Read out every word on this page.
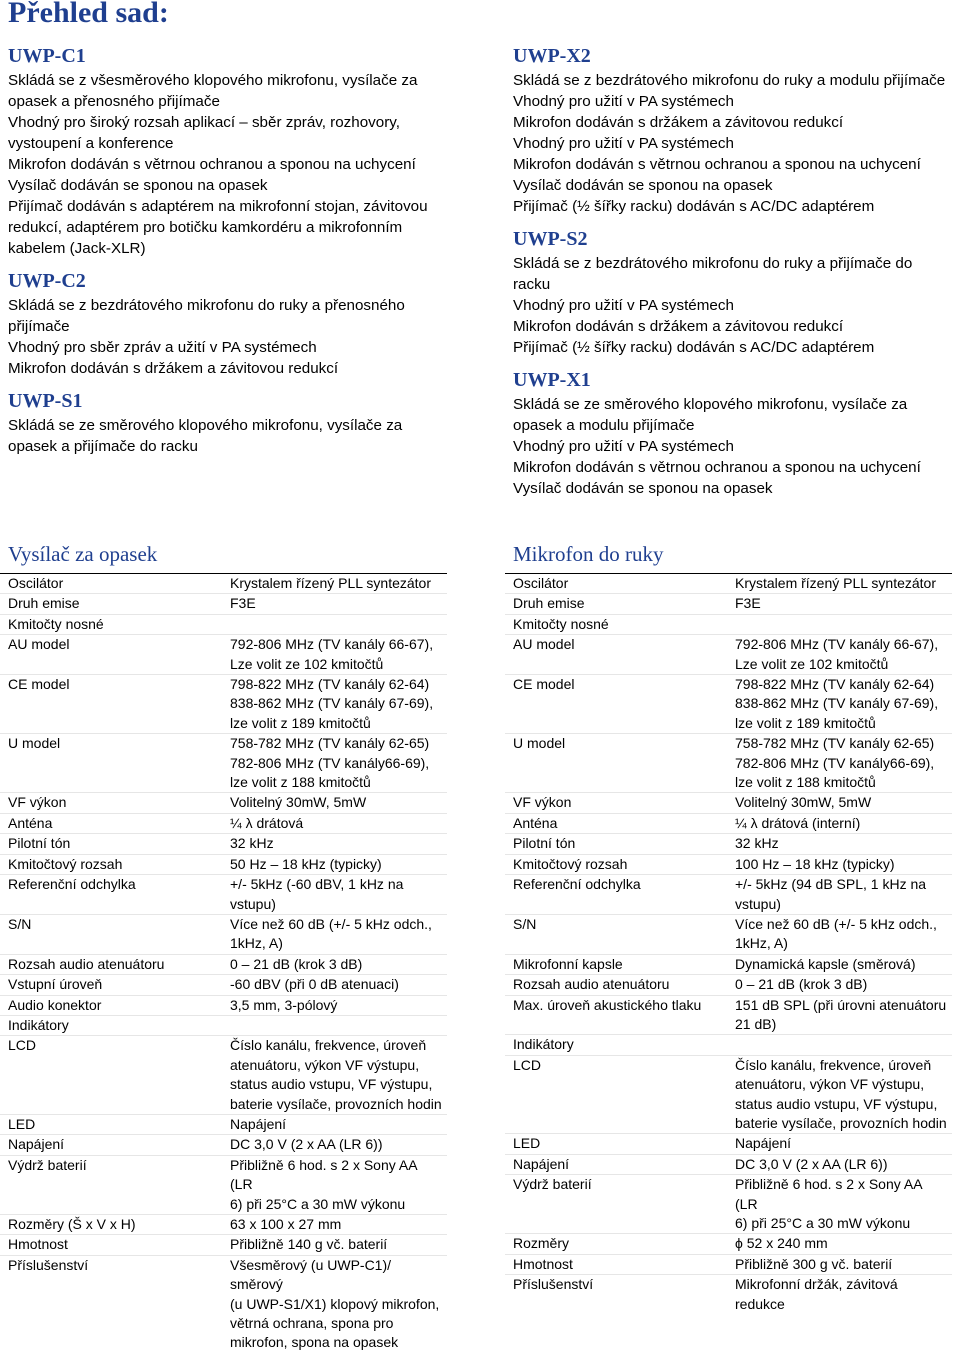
Přehled sad:
UWP-C1
Skládá se z všesměrového klopového mikrofonu, vysílače za
opasek a přenosného přijímače
Vhodný pro široký rozsah aplikací – sběr zpráv, rozhovory,
vystoupení a konference
Mikrofon dodáván s větrnou ochranou a sponou na uchycení
Vysílač dodáván se sponou na opasek
Přijímač dodáván s adaptérem na mikrofonní stojan, závitovou
redukcí, adaptérem pro botičku kamkordéru a mikrofonním
kabelem (Jack-XLR)
UWP-C2
Skládá se z bezdrátového mikrofonu do ruky a přenosného
přijímače
Vhodný pro sběr zpráv a užití v PA systémech
Mikrofon dodáván s držákem a závitovou redukcí
UWP-S1
Skládá se ze směrového klopového mikrofonu, vysílače za
opasek a přijímače do racku
UWP-X2
Skládá se z bezdrátového mikrofonu do ruky a modulu přijímače
Vhodný pro užití v PA systémech
Mikrofon dodáván s držákem a závitovou redukcí
Vhodný pro užití v PA systémech
Mikrofon dodáván s větrnou ochranou a sponou na uchycení
Vysílač dodáván se sponou na opasek
Přijímač (½ šířky racku) dodáván s AC/DC adaptérem
UWP-S2
Skládá se z bezdrátového mikrofonu do ruky a přijímače do
racku
Vhodný pro užití v PA systémech
Mikrofon dodáván s držákem a závitovou redukcí
Přijímač (½ šířky racku) dodáván s AC/DC adaptérem
UWP-X1
Skládá se ze směrového klopového mikrofonu, vysílače za
opasek a modulu přijímače
Vhodný pro užití v PA systémech
Mikrofon dodáván s větrnou ochranou a sponou na uchycení
Vysílač dodáván se sponou na opasek
Vysílač za opasek
Oscilátor	Krystalem řízený PLL syntezátor
Druh emise	F3E
Kmitočty nosné	
AU model	792-806 MHz (TV kanály 66-67),
Lze volit ze 102 kmitočtů
CE model	798-822 MHz (TV kanály 62-64)
838-862 MHz (TV kanály 67-69),
lze volit z 189 kmitočtů
U model	758-782 MHz (TV kanály 62-65)
782-806 MHz (TV kanály66-69),
lze volit z 188 kmitočtů
VF výkon	Volitelný 30mW, 5mW
Anténa	¼ λ drátová
Pilotní tón	32 kHz
Kmitočtový rozsah	50 Hz – 18 kHz (typicky)
Referenční odchylka	+/- 5kHz (-60 dBV, 1 kHz na
vstupu)
S/N	Více než 60 dB (+/- 5 kHz odch.,
1kHz, A)
Rozsah audio atenuátoru	0 – 21 dB (krok 3 dB)
Vstupní úroveň	-60 dBV (při 0 dB atenuaci)
Audio konektor	3,5 mm, 3-pólový
Indikátory	
LCD	Číslo kanálu, frekvence, úroveň
atenuátoru, výkon VF výstupu,
status audio vstupu, VF výstupu,
baterie vysílače, provozních hodin
LED	Napájení
Napájení	DC 3,0 V (2 x AA (LR 6))
Výdrž baterií	Přibližně 6 hod. s 2 x Sony AA (LR
6) při 25°C a 30 mW výkonu
Rozměry (Š x V x H)	63 x 100 x 27 mm
Hmotnost	Přibližně 140 g vč. baterií
Příslušenství	Všesměrový (u UWP-C1)/ směrový
(u UWP-S1/X1) klopový mikrofon,
větrná ochrana, spona pro
mikrofon, spona na opasek
Mikrofon do ruky
Oscilátor	Krystalem řízený PLL syntezátor
Druh emise	F3E
Kmitočty nosné	
AU model	792-806 MHz (TV kanály 66-67),
Lze volit ze 102 kmitočtů
CE model	798-822 MHz (TV kanály 62-64)
838-862 MHz (TV kanály 67-69),
lze volit z 189 kmitočtů
U model	758-782 MHz (TV kanály 62-65)
782-806 MHz (TV kanály66-69),
lze volit z 188 kmitočtů
VF výkon	Volitelný 30mW, 5mW
Anténa	¼ λ drátová (interní)
Pilotní tón	32 kHz
Kmitočtový rozsah	100 Hz – 18 kHz (typicky)
Referenční odchylka	+/- 5kHz (94 dB SPL, 1 kHz na
vstupu)
S/N	Více než 60 dB (+/- 5 kHz odch.,
1kHz, A)
Mikrofonní kapsle	Dynamická kapsle (směrová)
Rozsah audio atenuátoru	0 – 21 dB (krok 3 dB)
Max. úroveň akustického tlaku	151 dB SPL (při úrovni atenuátoru
21 dB)
Indikátory	
LCD	Číslo kanálu, frekvence, úroveň
atenuátoru, výkon VF výstupu,
status audio vstupu, VF výstupu,
baterie vysílače, provozních hodin
LED	Napájení
Napájení	DC 3,0 V (2 x AA (LR 6))
Výdrž baterií	Přibližně 6 hod. s 2 x Sony AA (LR
6) při 25°C a 30 mW výkonu
Rozměry	ϕ 52 x 240 mm
Hmotnost	Přibližně 300 g vč. baterií
Příslušenství	Mikrofonní držák, závitová redukce
